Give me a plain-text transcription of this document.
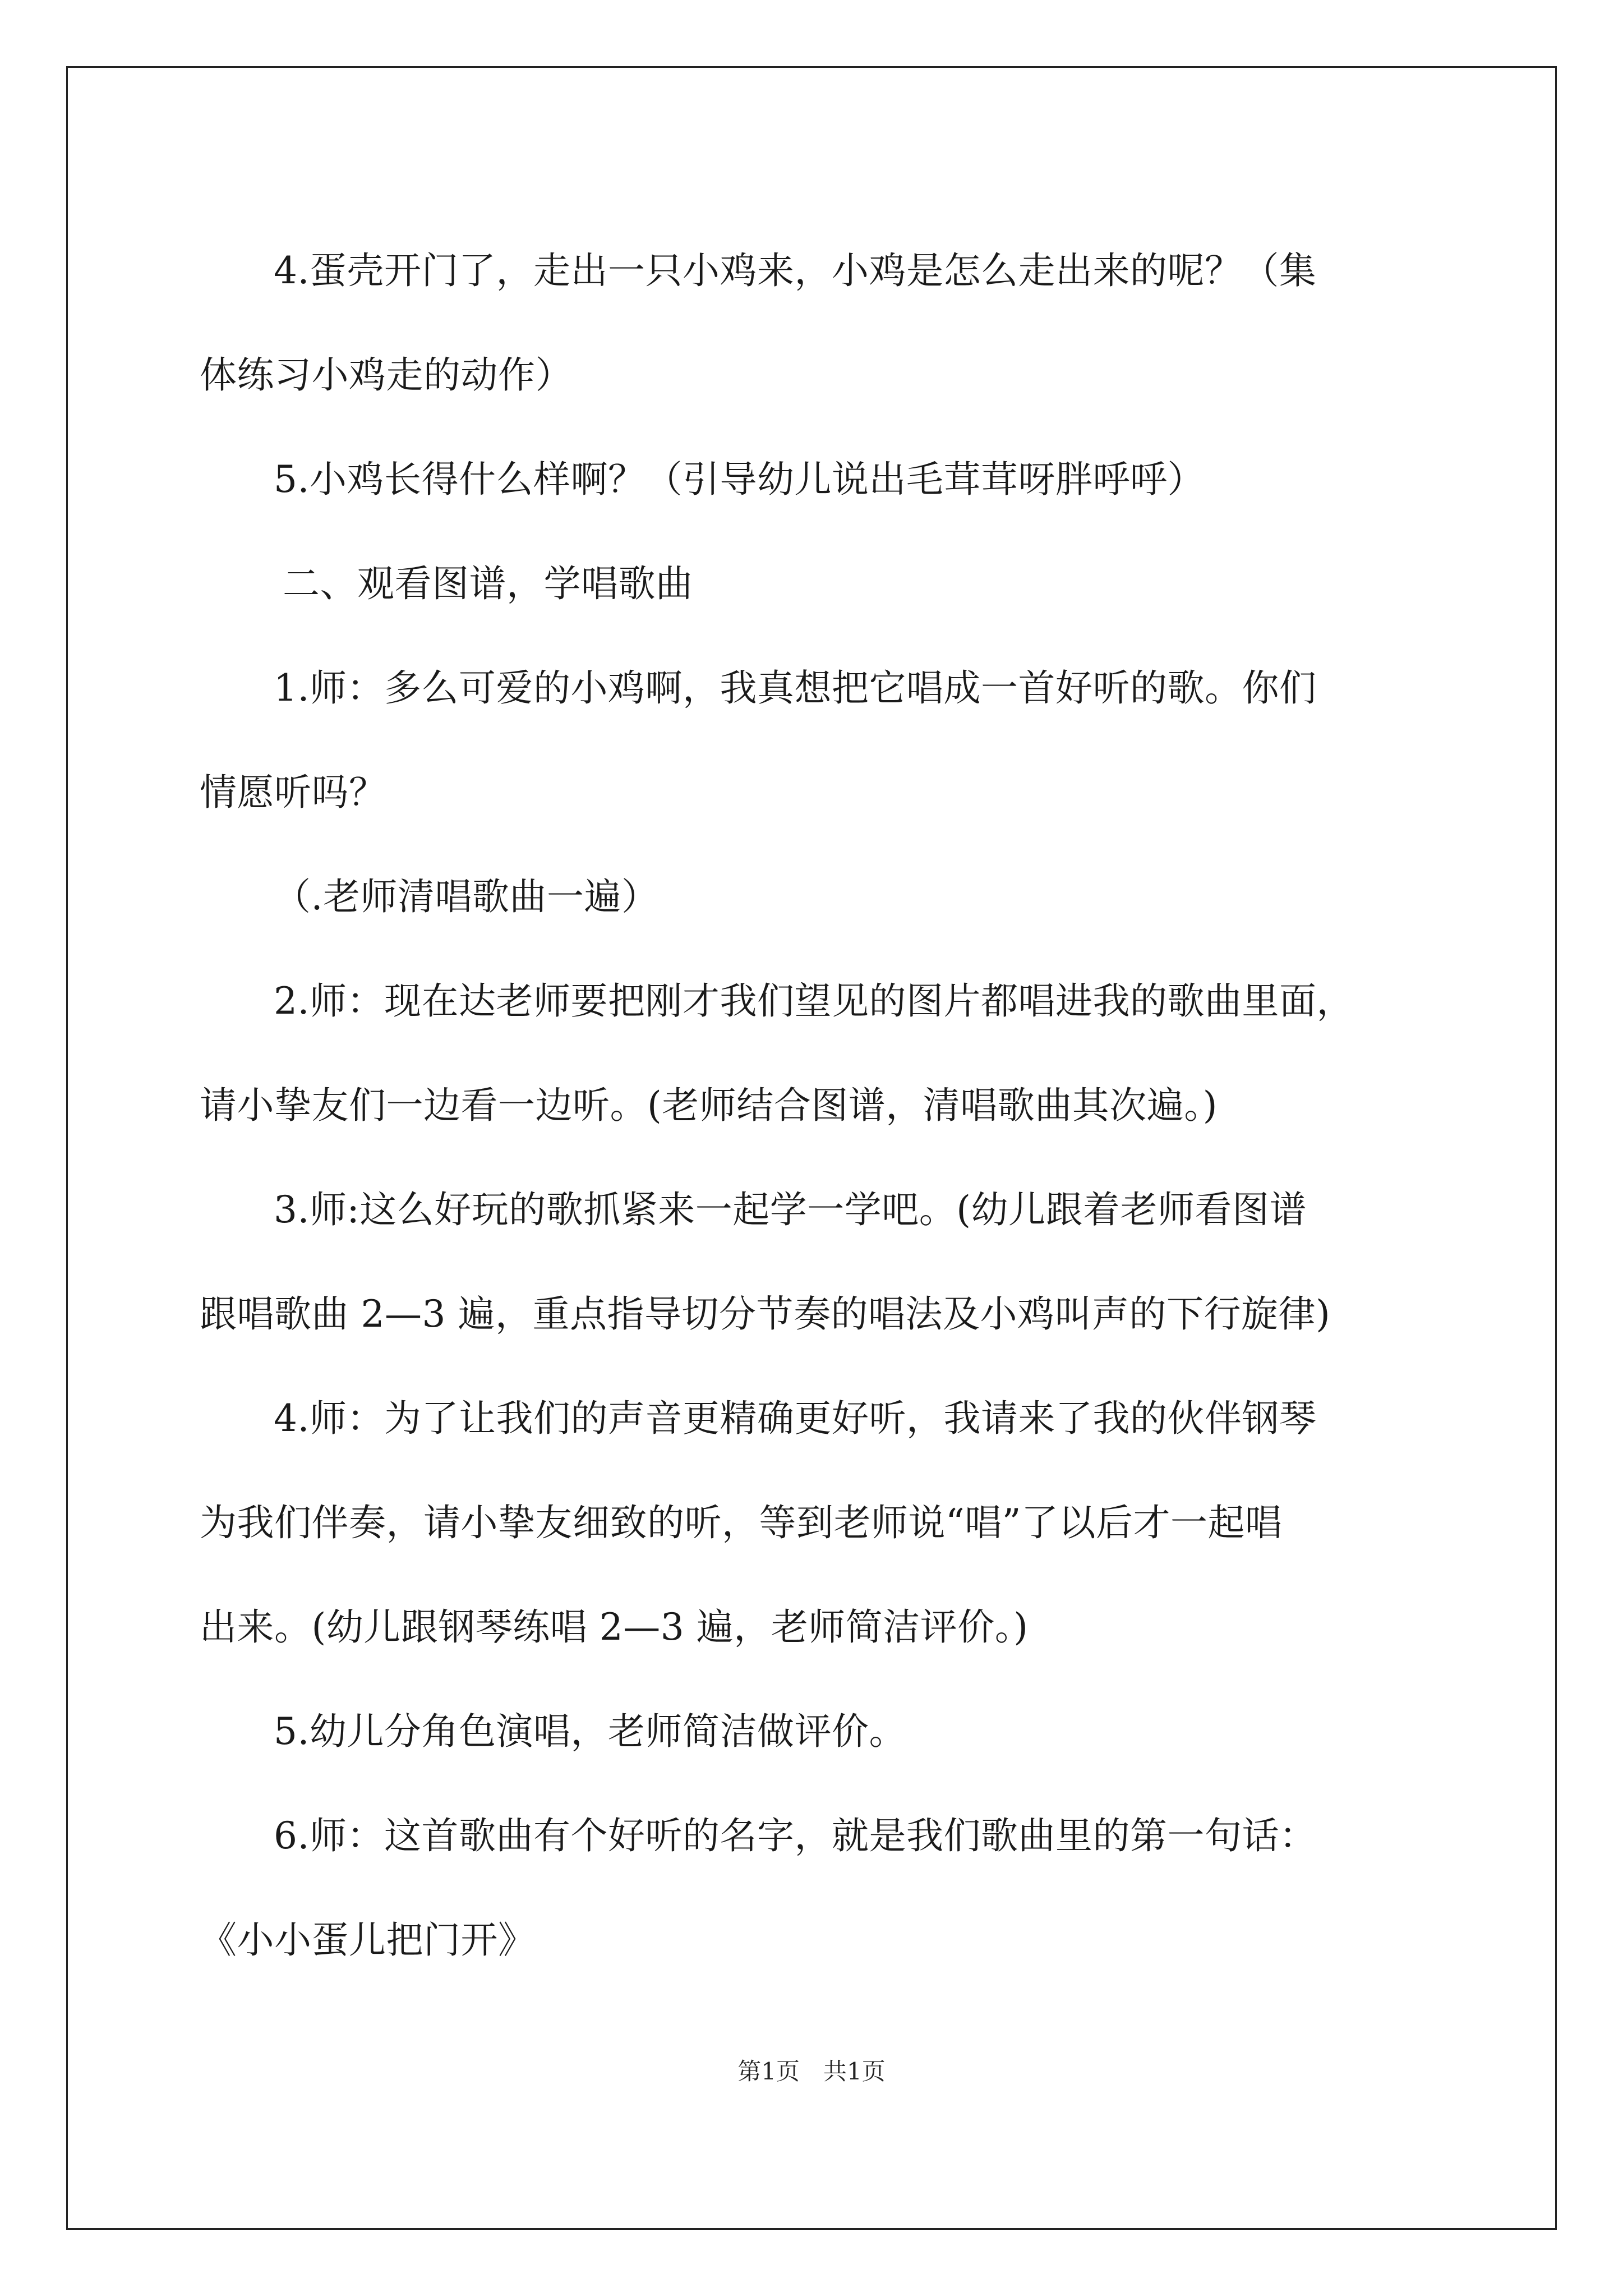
4.蛋壳开门了，走出一只小鸡来，小鸡是怎么走出来的呢？（集

体练习小鸡走的动作）

5.小鸡长得什么样啊？（引导幼儿说出毛茸茸呀胖呼呼）

二、观看图谱，学唱歌曲

1.师：多么可爱的小鸡啊，我真想把它唱成一首好听的歌。你们

情愿听吗？

（.老师清唱歌曲一遍）

2.师：现在达老师要把刚才我们望见的图片都唱进我的歌曲里面，

请小挚友们一边看一边听。(老师结合图谱，清唱歌曲其次遍。)

3.师:这么好玩的歌抓紧来一起学一学吧。(幼儿跟着老师看图谱

跟唱歌曲 2—3 遍，重点指导切分节奏的唱法及小鸡叫声的下行旋律)

4.师：为了让我们的声音更精确更好听，我请来了我的伙伴钢琴

为我们伴奏，请小挚友细致的听，等到老师说“唱”了以后才一起唱

出来。(幼儿跟钢琴练唱 2—3 遍，老师简洁评价。)

5.幼儿分角色演唱，老师简洁做评价。

6.师：这首歌曲有个好听的名字，就是我们歌曲里的第一句话：

《小小蛋儿把门开》

第1页　共1页
